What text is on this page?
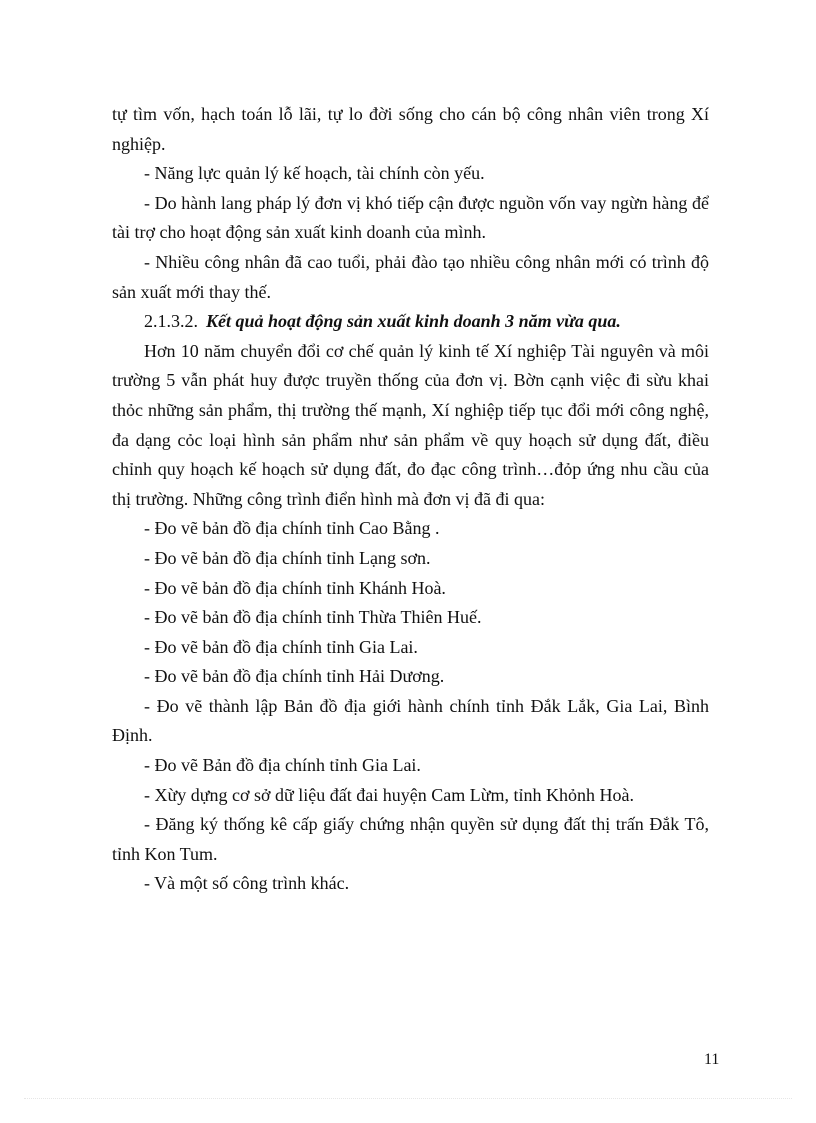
tự tìm vốn, hạch toán lỗ lãi, tự lo đời sống cho cán bộ công nhân viên trong Xí nghiệp.

- Năng lực quản lý kế hoạch, tài chính còn yếu.

- Do hành lang pháp lý đơn vị khó tiếp cận được nguồn vốn vay ngừn hàng để tài trợ cho hoạt động sản xuất kinh doanh của mình.

- Nhiều công nhân đã cao tuổi, phải đào tạo nhiều công nhân mới có trình độ sản xuất mới thay thế.

2.1.3.2. Kết quả hoạt động sản xuất kinh doanh 3 năm vừa qua.

Hơn 10 năm chuyển đổi cơ chế quản lý kinh tế Xí nghiệp Tài nguyên và môi trường 5 vẫn phát huy được truyền thống của đơn vị. Bờn cạnh việc đi sừu khai thỏc những sản phẩm, thị trường thế mạnh, Xí nghiệp tiếp tục đổi mới công nghệ, đa dạng cỏc loại hình sản phẩm như sản phẩm về quy hoạch sử dụng đất, điều chỉnh quy hoạch kế hoạch sử dụng đất, đo đạc công trình…đỏp ứng nhu cầu của thị trường. Những công trình điển hình mà đơn vị đã đi qua:

- Đo vẽ bản đồ địa chính tỉnh Cao Bằng .

- Đo vẽ bản đồ địa chính tỉnh Lạng sơn.

- Đo vẽ bản đồ địa chính tỉnh Khánh Hoà.

- Đo vẽ bản đồ địa chính tỉnh Thừa Thiên Huế.

- Đo vẽ bản đồ địa chính tỉnh Gia Lai.

- Đo vẽ bản đồ địa chính tỉnh Hải Dương.

- Đo vẽ thành lập Bản đồ địa giới hành chính tỉnh Đắk Lắk, Gia Lai, Bình Định.

- Đo vẽ Bản đồ địa chính tỉnh Gia Lai.

- Xừy dựng cơ sở dữ liệu đất đai huyện Cam Lừm, tỉnh Khỏnh Hoà.

- Đăng ký thống kê cấp giấy chứng nhận quyền sử dụng đất thị trấn Đắk Tô, tỉnh Kon Tum.

- Và một số công trình khác.

11
